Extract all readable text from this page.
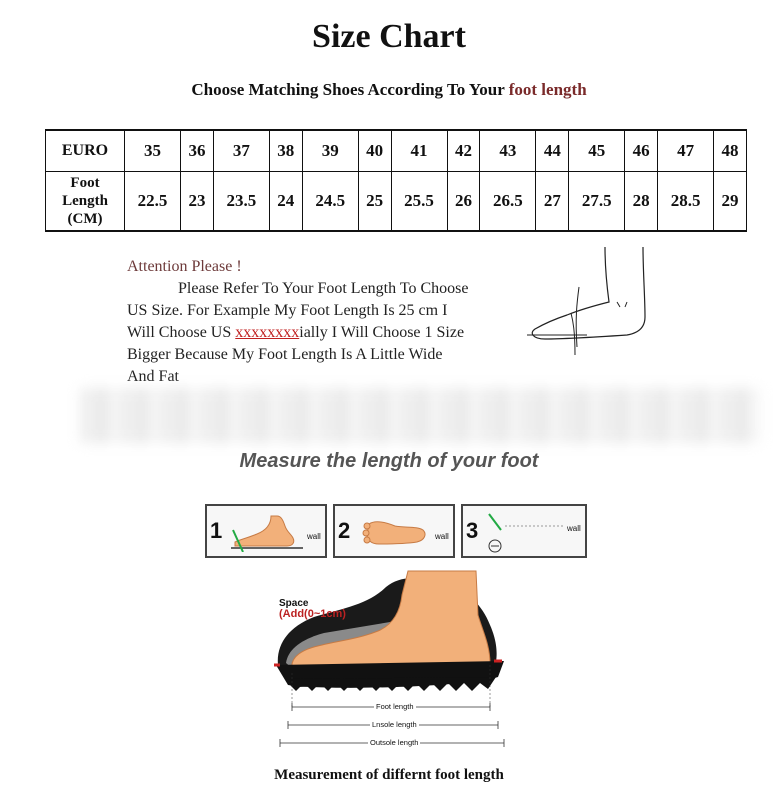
Size Chart
Choose Matching Shoes According To Your foot length
EURO	35	36	37	38	39	40	41	42	43	44	45	46	47	48

Foot
Length
(CM)	22.5	23	23.5	24	24.5	25	25.5	26	26.5	27	27.5	28	28.5	29
Attention Please !
Please Refer To Your Foot Length To Choose
US Size. For Example My Foot Length Is 25 cm I
Will Choose US xxxxxxxxially I Will Choose 1 Size
Bigger Because My Foot Length Is A Little Wide
And Fat
Measure the length of your foot
1	wall 2	wall 3	wall
Space
(Add(0~1cm)
Foot length
Lnsole length
Outsole length
Measurement of differnt foot length
